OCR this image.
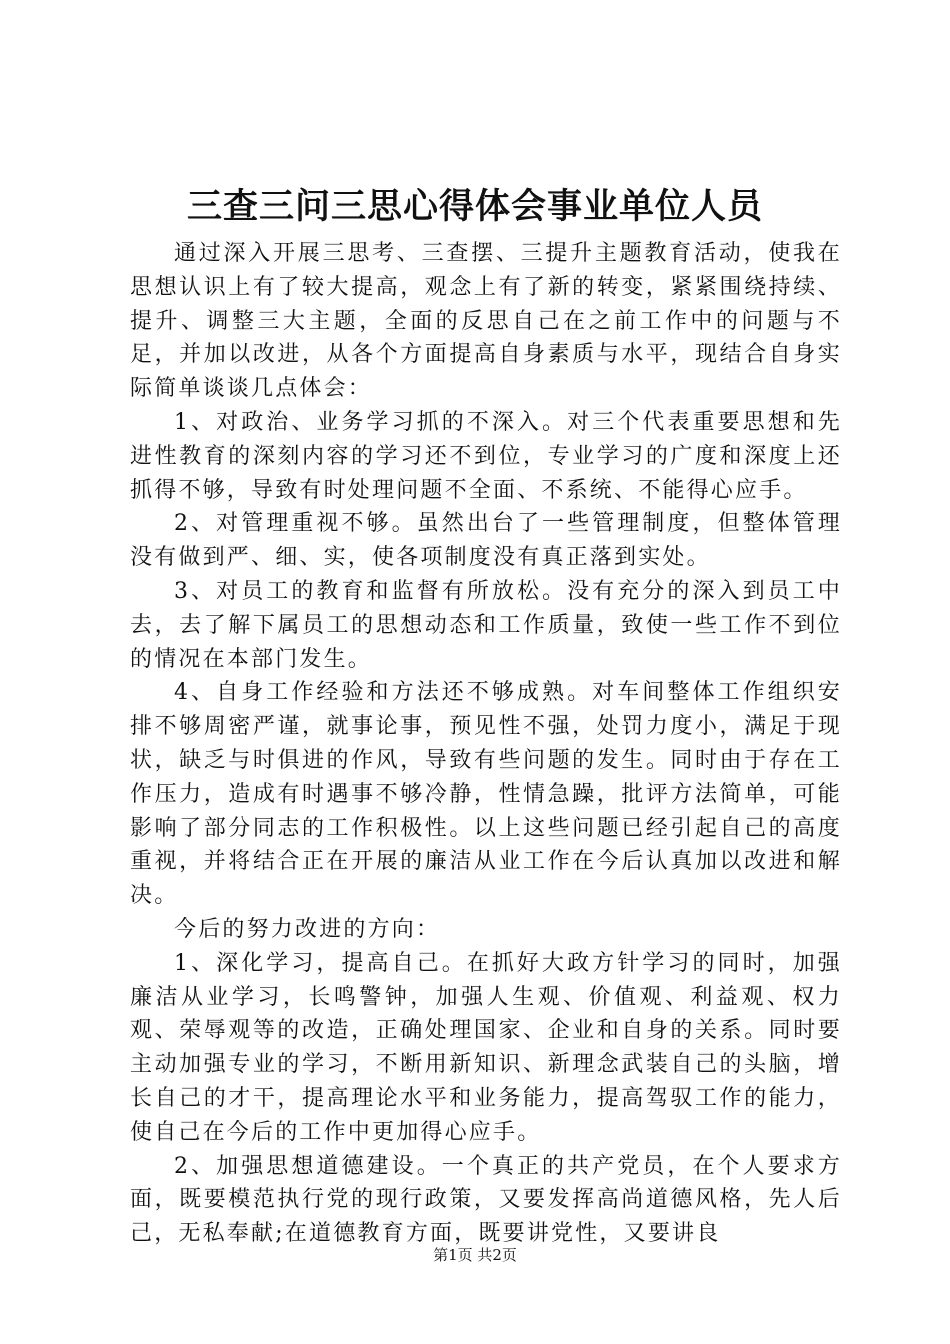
三查三问三思心得体会事业单位人员

通过深入开展三思考、三查摆、三提升主题教育活动，使我在思想认识上有了较大提高，观念上有了新的转变，紧紧围绕持续、提升、调整三大主题，全面的反思自己在之前工作中的问题与不足，并加以改进，从各个方面提高自身素质与水平，现结合自身实际简单谈谈几点体会：

1、对政治、业务学习抓的不深入。对三个代表重要思想和先进性教育的深刻内容的学习还不到位，专业学习的广度和深度上还抓得不够，导致有时处理问题不全面、不系统、不能得心应手。

2、对管理重视不够。虽然出台了一些管理制度，但整体管理没有做到严、细、实，使各项制度没有真正落到实处。

3、对员工的教育和监督有所放松。没有充分的深入到员工中去，去了解下属员工的思想动态和工作质量，致使一些工作不到位的情况在本部门发生。

4、自身工作经验和方法还不够成熟。对车间整体工作组织安排不够周密严谨，就事论事，预见性不强，处罚力度小，满足于现状，缺乏与时俱进的作风，导致有些问题的发生。同时由于存在工作压力，造成有时遇事不够冷静，性情急躁，批评方法简单，可能影响了部分同志的工作积极性。以上这些问题已经引起自己的高度重视，并将结合正在开展的廉洁从业工作在今后认真加以改进和解决。

今后的努力改进的方向：

1、深化学习，提高自己。在抓好大政方针学习的同时，加强廉洁从业学习，长鸣警钟，加强人生观、价值观、利益观、权力观、荣辱观等的改造，正确处理国家、企业和自身的关系。同时要主动加强专业的学习，不断用新知识、新理念武装自己的头脑，增长自己的才干，提高理论水平和业务能力，提高驾驭工作的能力，使自己在今后的工作中更加得心应手。

2、加强思想道德建设。一个真正的共产党员，在个人要求方面，既要模范执行党的现行政策，又要发挥高尚道德风格，先人后己，无私奉献;在道德教育方面，既要讲党性，又要讲良

第1页 共2页
